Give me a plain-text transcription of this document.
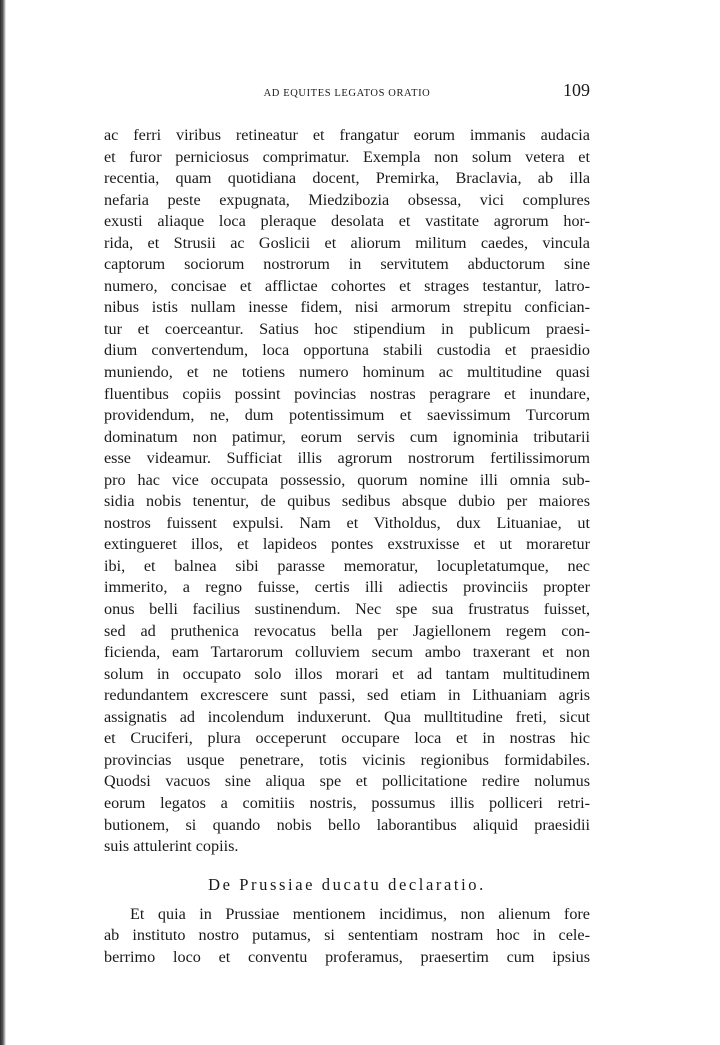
AD EQUITES LEGATOS ORATIO	109
ac ferri viribus retineatur et frangatur eorum immanis audacia
et furor perniciosus comprimatur. Exempla non solum vetera et
recentia, quam quotidiana docent, Premirka, Braclavia, ab illa
nefaria peste expugnata, Miedzibozia obsessa, vici complures
exusti aliaque loca pleraque desolata et vastitate agrorum hor-
rida, et Strusii ac Goslicii et aliorum militum caedes, vincula
captorum sociorum nostrorum in servitutem abductorum sine
numero, concisae et afflictae cohortes et strages testantur, latro-
nibus istis nullam inesse fidem, nisi armorum strepitu confician-
tur et coerceantur. Satius hoc stipendium in publicum praesi-
dium convertendum, loca opportuna stabili custodia et praesidio
muniendo, et ne totiens numero hominum ac multitudine quasi
fluentibus copiis possint povincias nostras peragrare et inundare,
providendum, ne, dum potentissimum et saevissimum Turcorum
dominatum non patimur, eorum servis cum ignominia tributarii
esse videamur. Sufficiat illis agrorum nostrorum fertilissimorum
pro hac vice occupata possessio, quorum nomine illi omnia sub-
sidia nobis tenentur, de quibus sedibus absque dubio per maiores
nostros fuissent expulsi. Nam et Vitholdus, dux Lituaniae, ut
extingueret illos, et lapideos pontes exstruxisse et ut moraretur
ibi, et balnea sibi parasse memoratur, locupletatumque, nec
immerito, a regno fuisse, certis illi adiectis provinciis propter
onus belli facilius sustinendum. Nec spe sua frustratus fuisset,
sed ad pruthenica revocatus bella per Jagiellonem regem con-
ficienda, eam Tartarorum colluviem secum ambo traxerant et non
solum in occupato solo illos morari et ad tantam multitudinem
redundantem excrescere sunt passi, sed etiam in Lithuaniam agris
assignatis ad incolendum induxerunt. Qua mulltitudine freti, sicut
et Cruciferi, plura occeperunt occupare loca et in nostras hic
provincias usque penetrare, totis vicinis regionibus formidabiles.
Quodsi vacuos sine aliqua spe et pollicitatione redire nolumus
eorum legatos a comitiis nostris, possumus illis polliceri retri-
butionem, si quando nobis bello laborantibus aliquid praesidii
suis attulerint copiis.
De Prussiae ducatu declaratio.
Et quia in Prussiae mentionem incidimus, non alienum fore
ab instituto nostro putamus, si sententiam nostram hoc in cele-
berrimo loco et conventu proferamus, praesertim cum ipsius
